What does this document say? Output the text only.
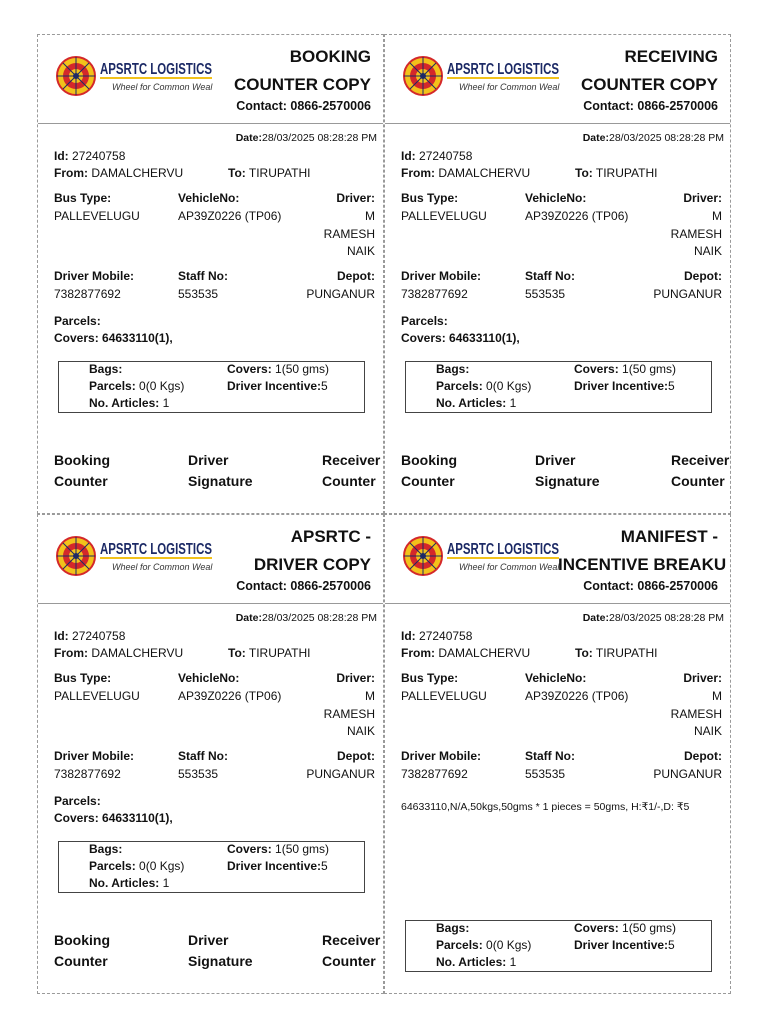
APSRTC LOGISTICS
Wheel for Common Weal
BOOKING
COUNTER COPY
Contact: 0866-2570006
Date:28/03/2025 08:28:28 PM
Id: 27240758
From: DAMALCHERVU	To: TIRUPATHI
Bus Type:
PALLEVELUGU
VehicleNo:
AP39Z0226 (TP06)
Driver:
M
RAMESH
NAIK
Driver Mobile:
7382877692
Staff No:
553535
Depot:
PUNGANUR
Parcels:
Covers: 64633110(1),
Bags:	Covers: 1(50 gms)
Parcels: 0(0 Kgs)	Driver Incentive:5
No. Articles: 1
Booking
Counter
Driver
Signature
Receiver
Counter
APSRTC LOGISTICS
Wheel for Common Weal
RECEIVING
COUNTER COPY
Contact: 0866-2570006
Date:28/03/2025 08:28:28 PM
Id: 27240758
From: DAMALCHERVU	To: TIRUPATHI
Bus Type:
PALLEVELUGU
VehicleNo:
AP39Z0226 (TP06)
Driver:
M
RAMESH
NAIK
Driver Mobile:
7382877692
Staff No:
553535
Depot:
PUNGANUR
Parcels:
Covers: 64633110(1),
Bags:	Covers: 1(50 gms)
Parcels: 0(0 Kgs)	Driver Incentive:5
No. Articles: 1
Booking
Counter
Driver
Signature
Receiver
Counter
APSRTC LOGISTICS
Wheel for Common Weal
APSRTC -
DRIVER COPY
Contact: 0866-2570006
Date:28/03/2025 08:28:28 PM
Id: 27240758
From: DAMALCHERVU	To: TIRUPATHI
Bus Type:
PALLEVELUGU
VehicleNo:
AP39Z0226 (TP06)
Driver:
M
RAMESH
NAIK
Driver Mobile:
7382877692
Staff No:
553535
Depot:
PUNGANUR
Parcels:
Covers: 64633110(1),
Bags:	Covers: 1(50 gms)
Parcels: 0(0 Kgs)	Driver Incentive:5
No. Articles: 1
Booking
Counter
Driver
Signature
Receiver
Counter
APSRTC LOGISTICS
Wheel for Common Weal
MANIFEST -
INCENTIVE BREAKU
Contact: 0866-2570006
Date:28/03/2025 08:28:28 PM
Id: 27240758
From: DAMALCHERVU	To: TIRUPATHI
Bus Type:
PALLEVELUGU
VehicleNo:
AP39Z0226 (TP06)
Driver:
M
RAMESH
NAIK
Driver Mobile:
7382877692
Staff No:
553535
Depot:
PUNGANUR
64633110,N/A,50kgs,50gms * 1 pieces = 50gms, H:₹1/-,D: ₹5
Bags:	Covers: 1(50 gms)
Parcels: 0(0 Kgs)	Driver Incentive:5
No. Articles: 1
